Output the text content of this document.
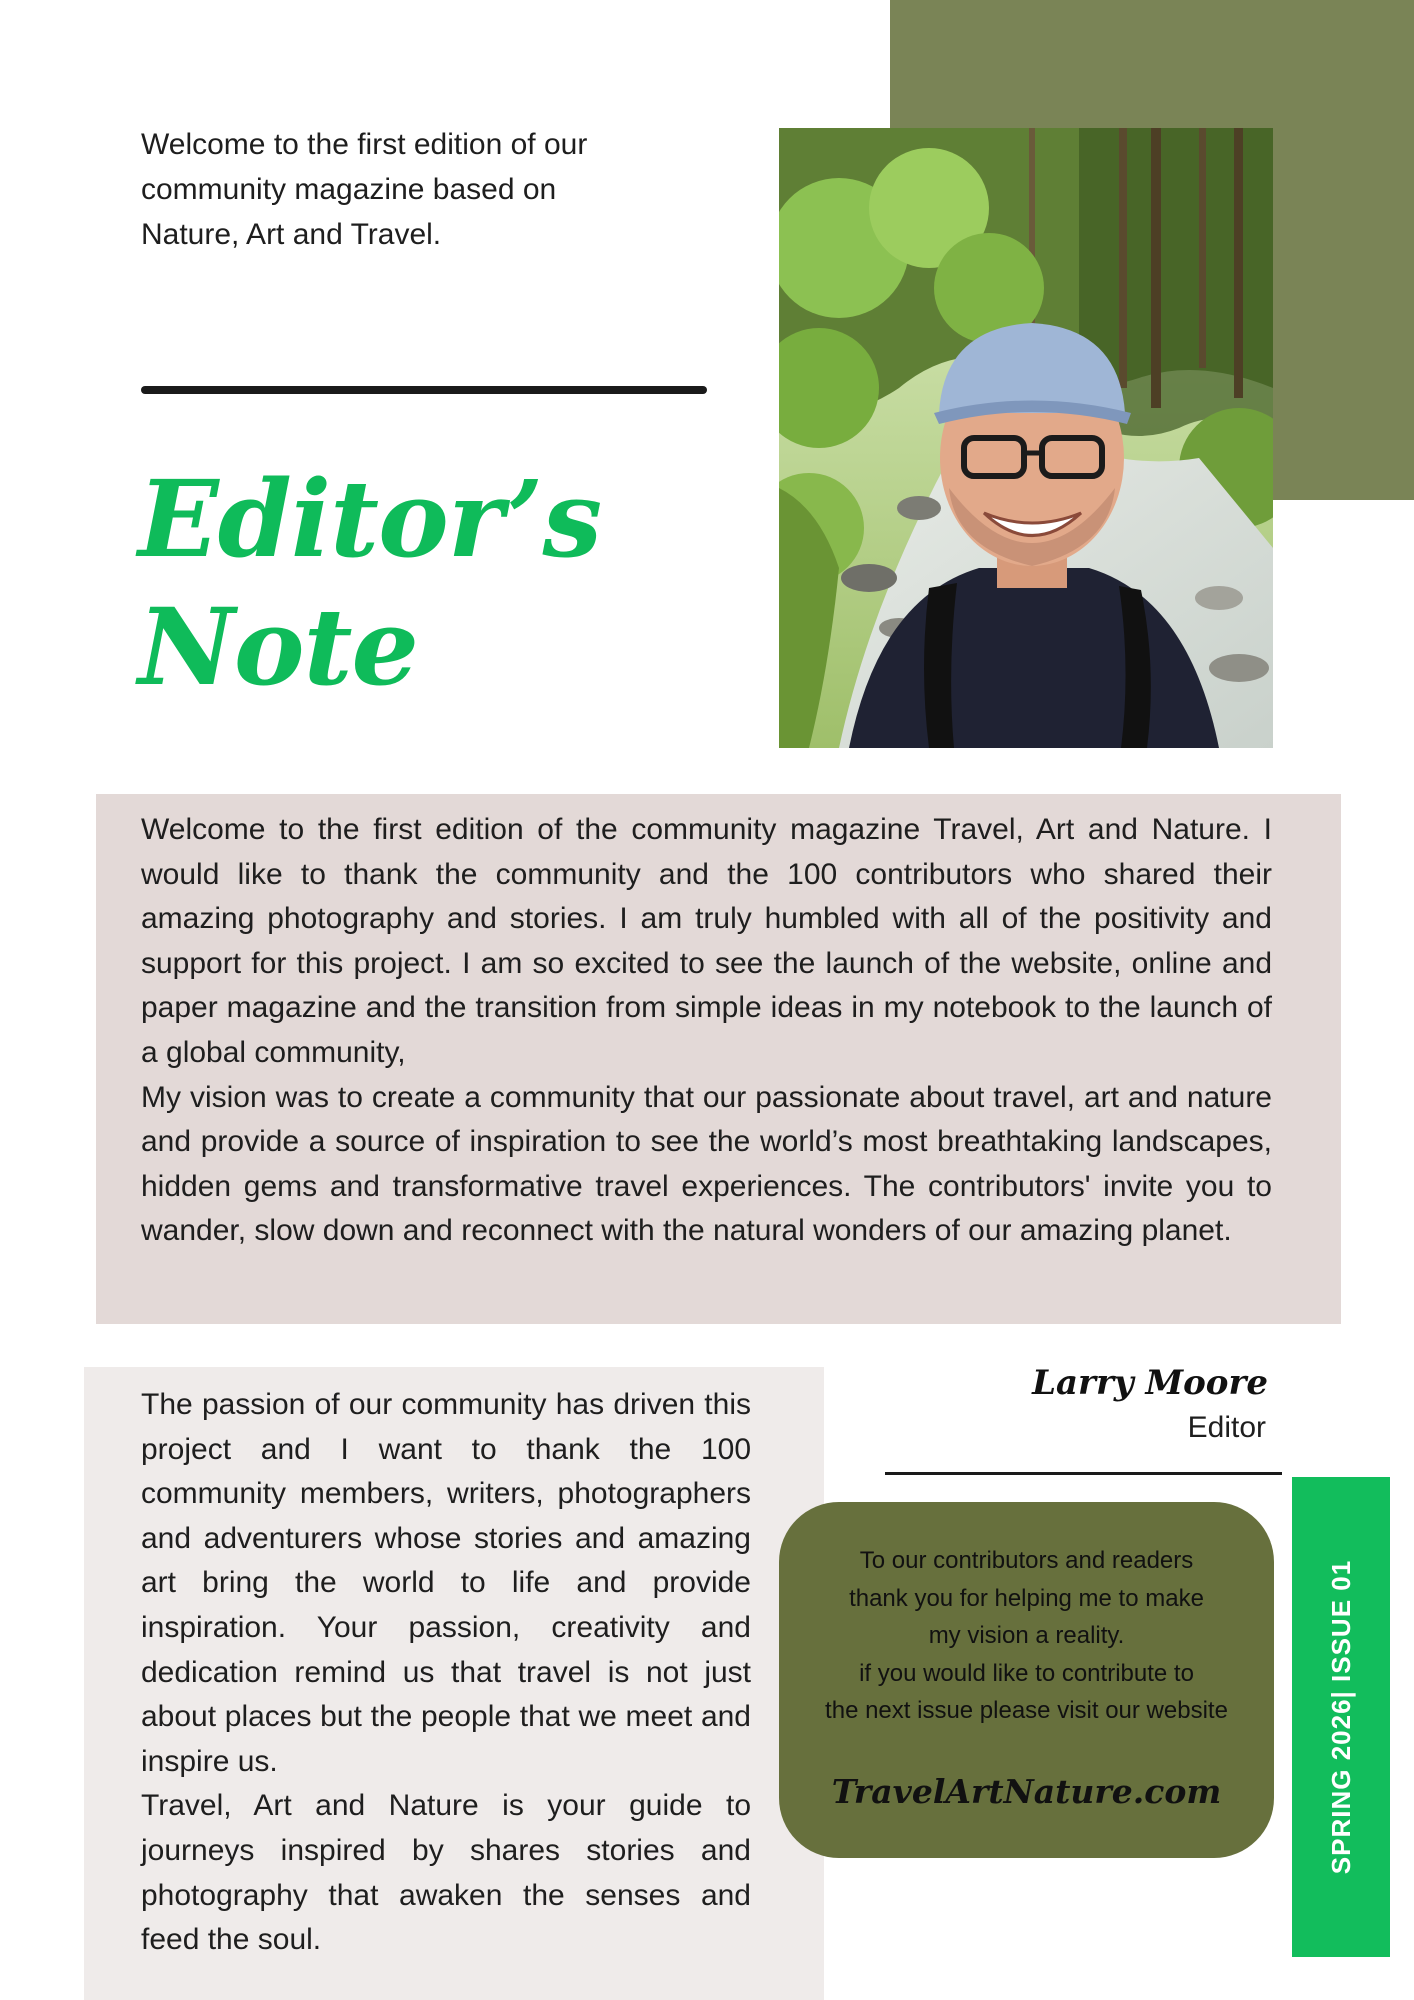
Welcome to the first edition of our
community magazine based on
Nature, Art and Travel.
Editor’s
Note

Welcome to the first edition of the community magazine Travel, Art and Nature. I would like to thank the community and the 100 contributors who shared their amazing photography and stories. I am truly humbled with all of the positivity and support for this project. I am so excited to see the launch of the website, online and paper magazine and the transition from simple ideas in my notebook to the launch of a global community,

My vision was to create a community that our passionate about travel, art and nature and provide a source of inspiration to see the world’s most breathtaking landscapes, hidden gems and transformative travel experiences. The contributors' invite you to wander, slow down and reconnect with the natural wonders of our amazing planet.

The passion of our community has driven this project and I want to thank the 100 community members, writers, photographers and adventurers whose stories and amazing art bring the world to life and provide inspiration. Your passion, creativity and dedication remind us that travel is not just about places but the people that we meet and inspire us.

Travel, Art and Nature is your guide to journeys inspired by shares stories and photography that awaken the senses and feed the soul.

Larry Moore
Editor
To our contributors and readers
thank you for helping me to make
my vision a reality.
if you would like to contribute to
the next issue please visit our website
TravelArtNature.com	SPRING 2026| ISSUE 01
